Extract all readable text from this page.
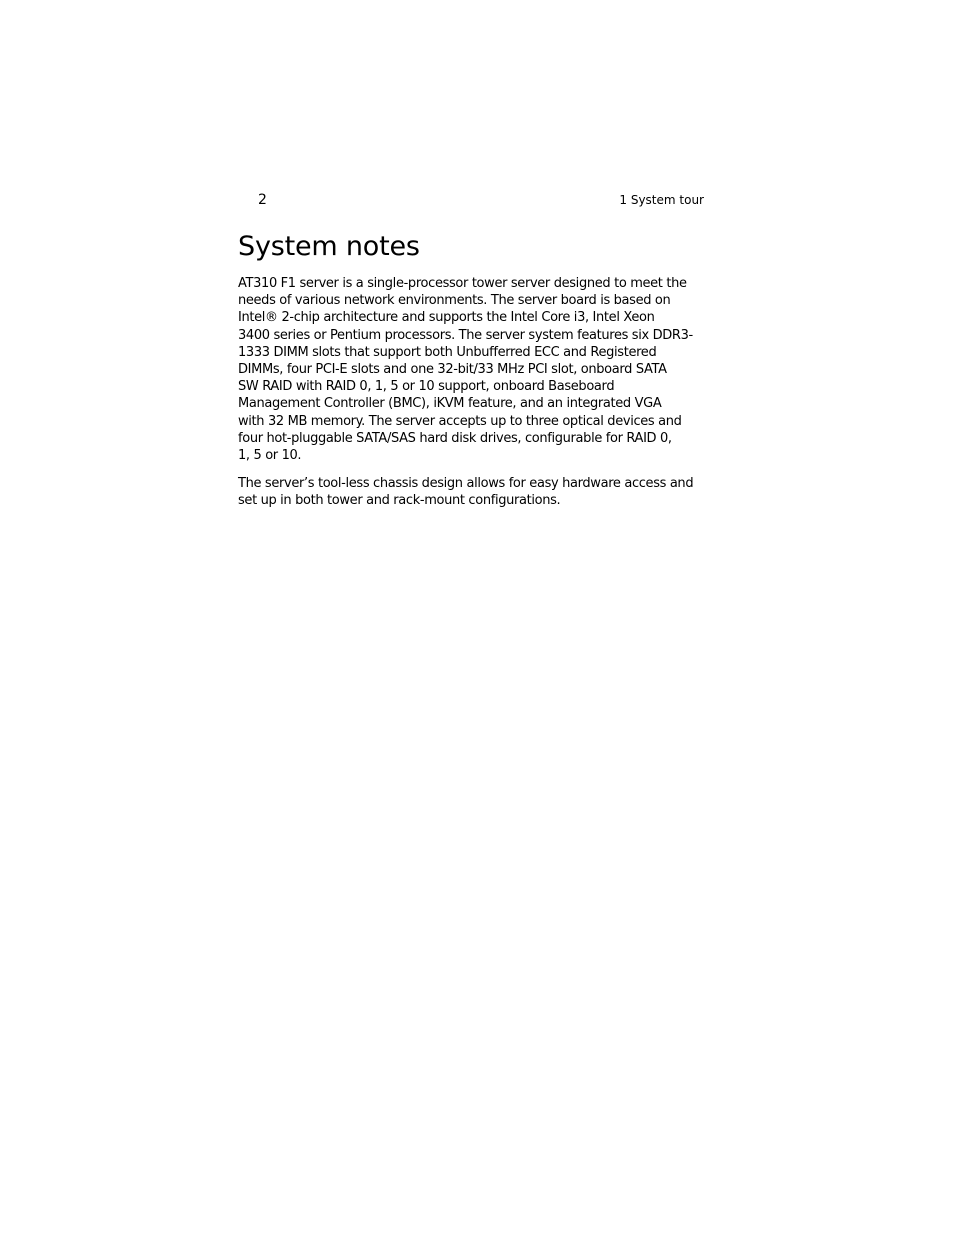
2	1 System tour
System notes
AT310 F1 server is a single-processor tower server designed to meet the
needs of various network environments. The server board is based on
Intel® 2-chip architecture and supports the Intel Core i3, Intel Xeon
3400 series or Pentium processors. The server system features six DDR3-
1333 DIMM slots that support both Unbufferred ECC and Registered
DIMMs, four PCI-E slots and one 32-bit/33 MHz PCI slot, onboard SATA
SW RAID with RAID 0, 1, 5 or 10 support, onboard Baseboard
Management Controller (BMC), iKVM feature, and an integrated VGA
with 32 MB memory. The server accepts up to three optical devices and
four hot-pluggable SATA/SAS hard disk drives, configurable for RAID 0,
1, 5 or 10.
The server’s tool-less chassis design allows for easy hardware access and
set up in both tower and rack-mount configurations.
